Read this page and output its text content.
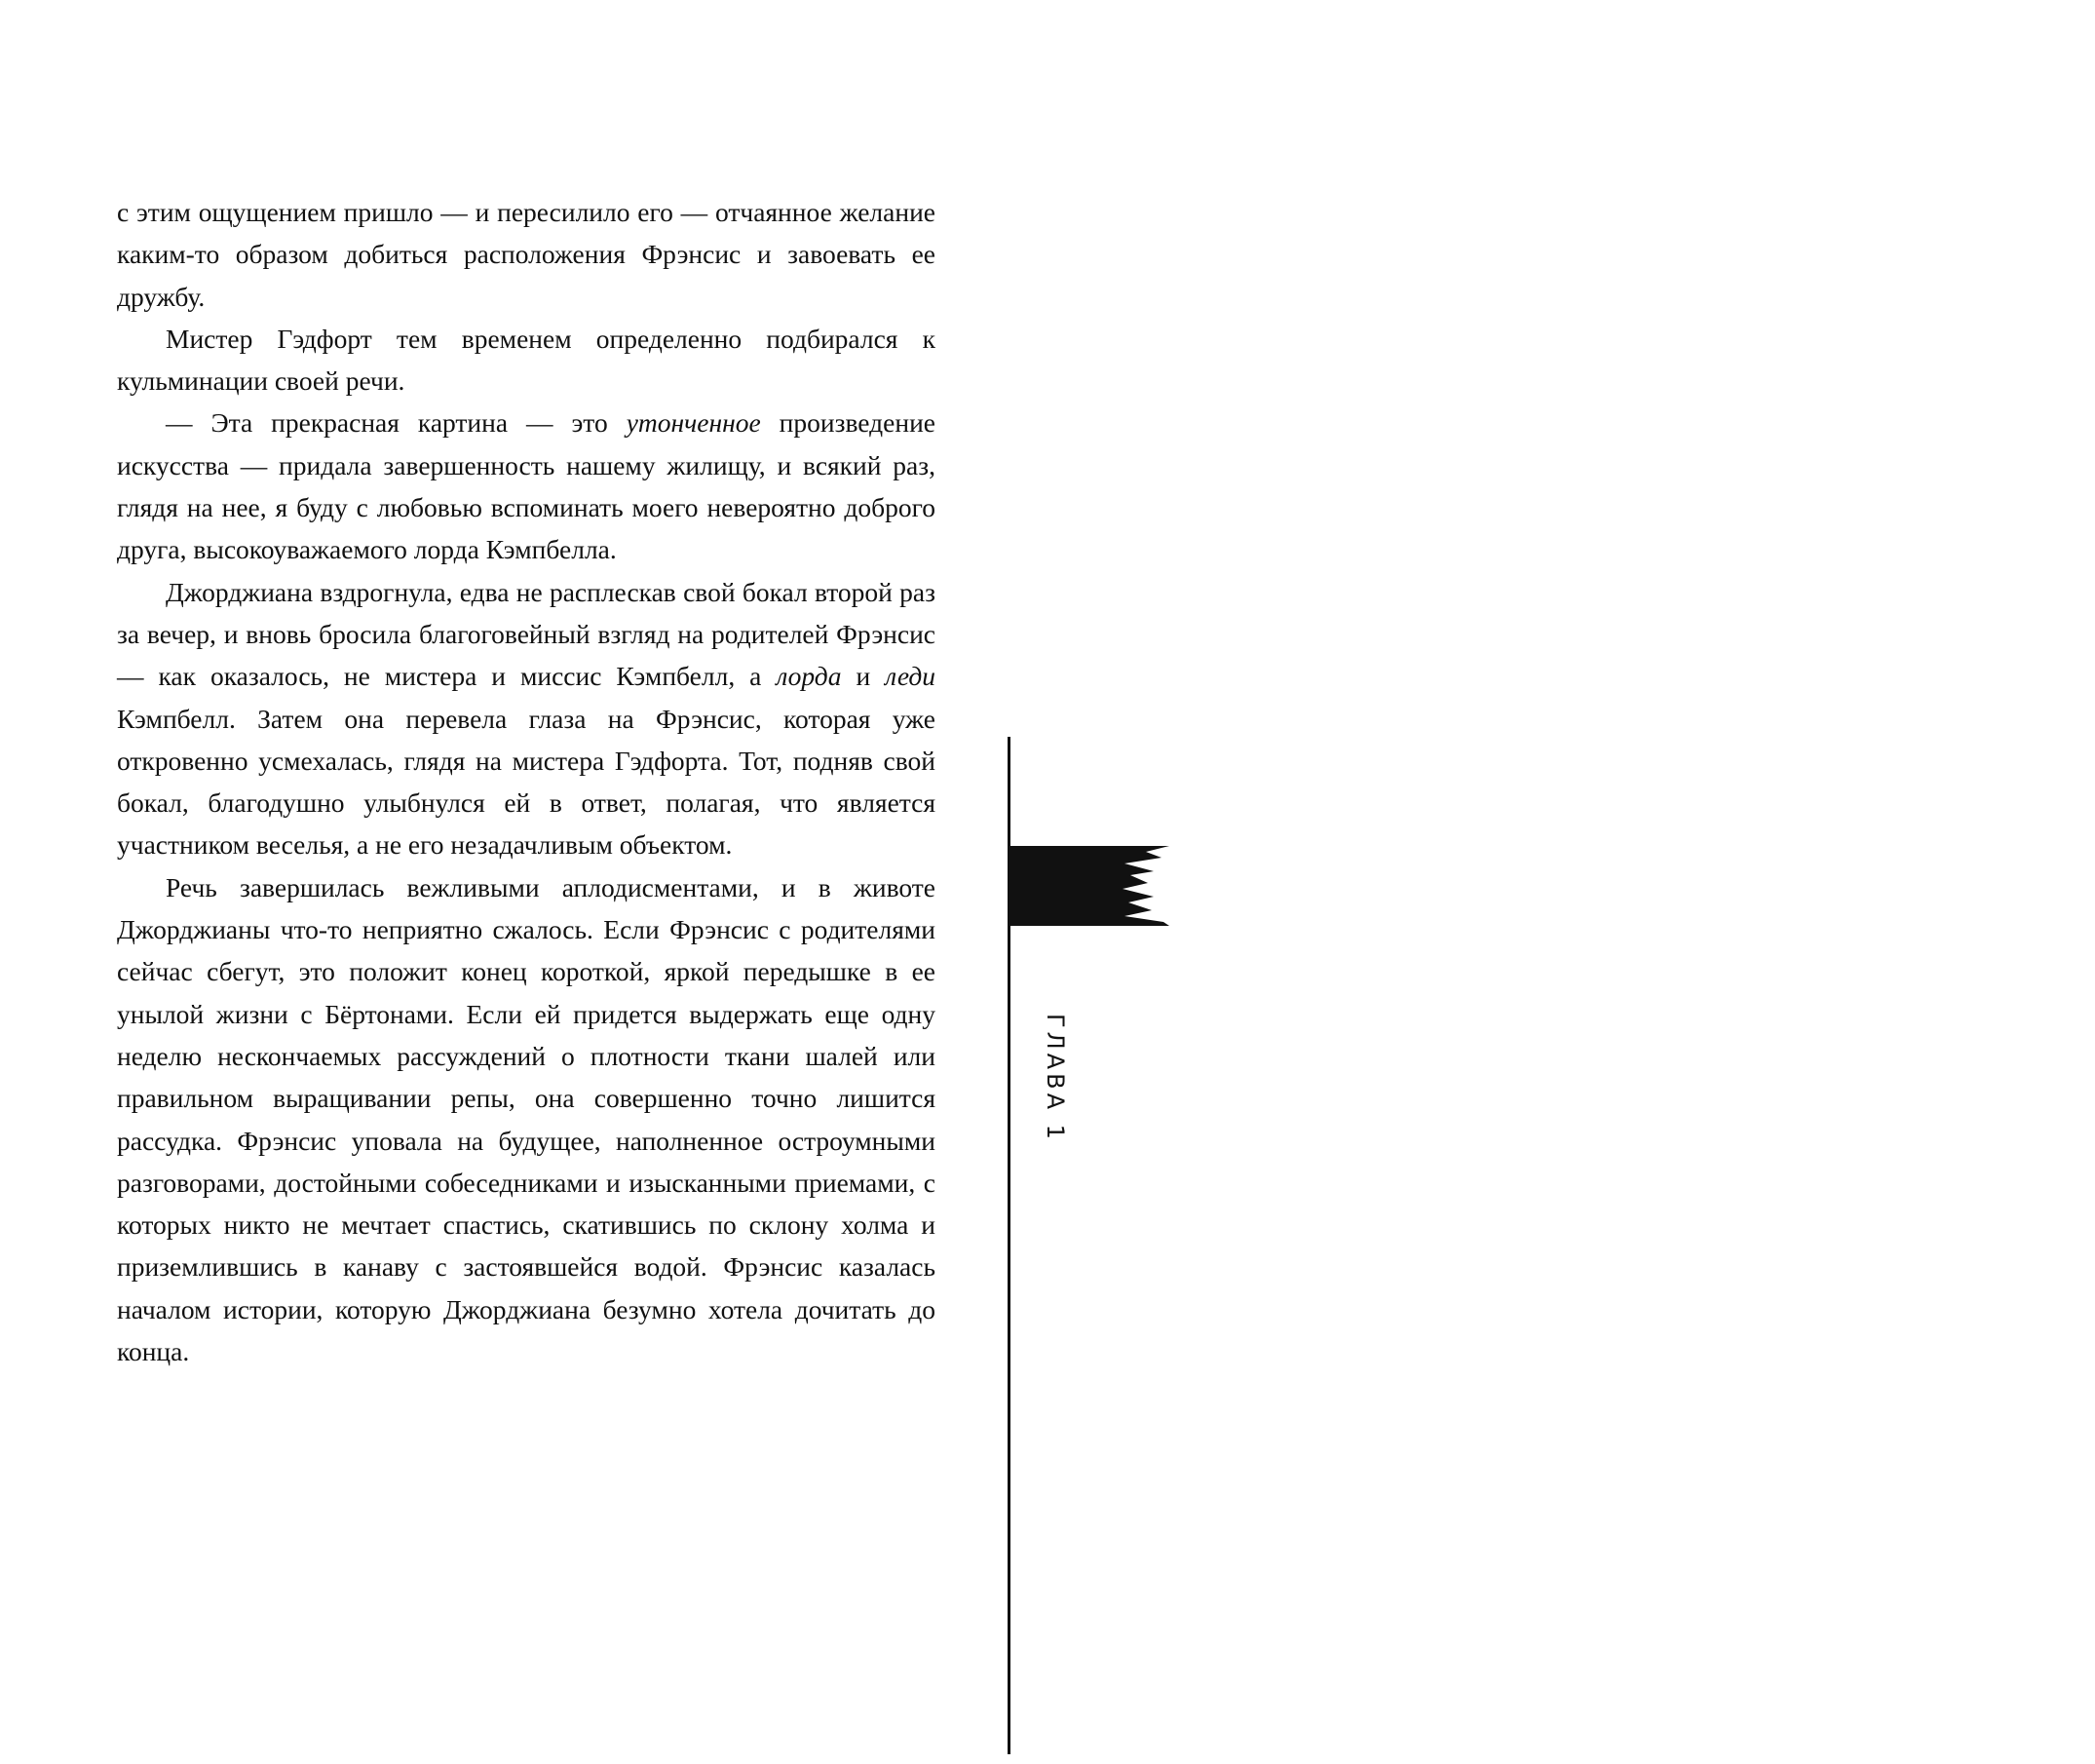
с этим ощущением пришло — и пересилило его — отчаянное желание каким-то образом добиться расположения Фрэнсис и завоевать ее дружбу.

Мистер Гэдфорт тем временем определенно подбирался к кульминации своей речи.

— Эта прекрасная картина — это утонченное произведение искусства — придала завершенность нашему жилищу, и всякий раз, глядя на нее, я буду с любовью вспоминать моего невероятно доброго друга, высокоуважаемого лорда Кэмпбелла.

Джорджиана вздрогнула, едва не расплескав свой бокал второй раз за вечер, и вновь бросила благоговейный взгляд на родителей Фрэнсис — как оказалось, не мистера и миссис Кэмпбелл, а лорда и леди Кэмпбелл. Затем она перевела глаза на Фрэнсис, которая уже откровенно усмехалась, глядя на мистера Гэдфорта. Тот, подняв свой бокал, благодушно улыбнулся ей в ответ, полагая, что является участником веселья, а не его незадачливым объектом.

Речь завершилась вежливыми аплодисментами, и в животе Джорджианы что-то неприятно сжалось. Если Фрэнсис с родителями сейчас сбегут, это положит конец короткой, яркой передышке в ее унылой жизни с Бёртонами. Если ей придется выдержать еще одну неделю нескончаемых рассуждений о плотности ткани шалей или правильном выращивании репы, она совершенно точно лишится рассудка. Фрэнсис уповала на будущее, наполненное остроумными разговорами, достойными собеседниками и изысканными приемами, с которых никто не мечтает спастись, скатившись по склону холма и приземлившись в канаву с застоявшейся водой. Фрэнсис казалась началом истории, которую Джорджиана безумно хотела дочитать до конца.

17
ГЛАВА 1
